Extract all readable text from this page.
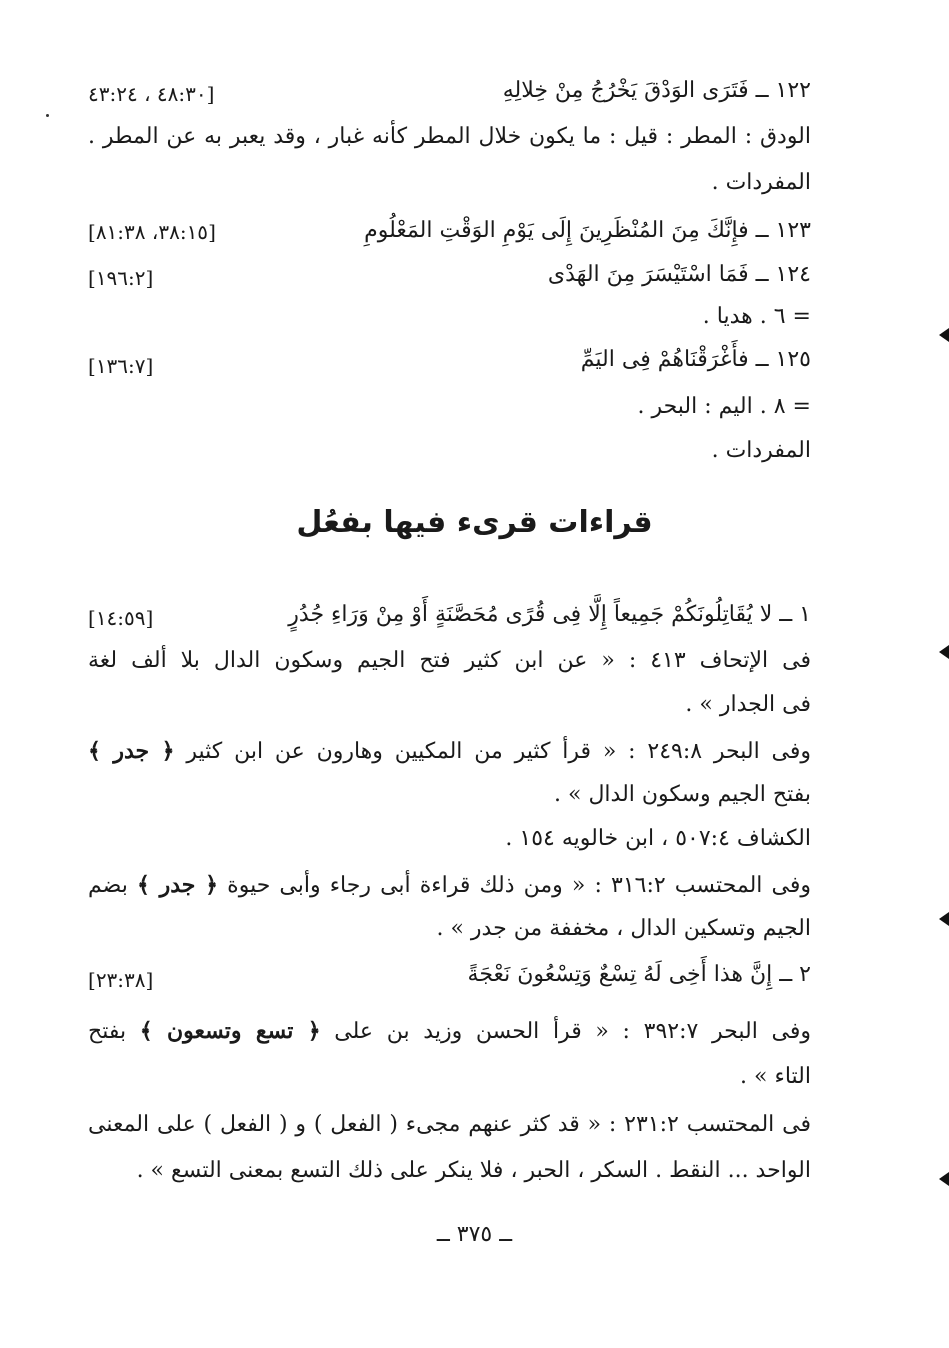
١٢٢ ــ فَتَرَى الوَدْقَ يَخْرُجُ مِنْ خِلالِهِ
[٤٨:٣٠ ، ٤٣:٢٤
الودق : المطر : قيل : ما يكون خلال المطر كأنه غبار ، وقد يعبر به عن المطر .
المفردات .
١٢٣ ــ فإِنَّكَ مِنَ المُنْظَرِينَ إِلَى يَوْمِ الوَقْتِ المَعْلُومِ
[٣٨:١٥، ٨١:٣٨]
١٢٤ ــ فَمَا اسْتَيْسَرَ مِنَ الهَدْى
[١٩٦:٢]
= ٦ . هديا .
١٢٥ ــ فأَغْرَقْنَاهُمْ فِى اليَمِّ
[١٣٦:٧]
= ٨ . اليم : البحر .
المفردات .
قراءات قرىء فيها بفعُل
١ ــ لا يُقَاتِلُونَكُمْ جَمِيعاً إِلَّا فِى قُرًى مُحَصَّنَةٍ أَوْ مِنْ وَرَاءِ جُدُرٍ
[١٤:٥٩]
فى الإتحاف ٤١٣ : « عن ابن كثير فتح الجيم وسكون الدال بلا ألف لغة
فى الجدار » .
وفى البحر ٢٤٩:٨ : « قرأ كثير من المكيين وهارون عن ابن كثير ﴿ جدر ﴾
بفتح الجيم وسكون الدال » .
الكشاف ٥٠٧:٤ ، ابن خالويه ١٥٤ .
وفى المحتسب ٣١٦:٢ : « ومن ذلك قراءة أبى رجاء وأبى حيوة ﴿ جدر ﴾ بضم
الجيم وتسكين الدال ، مخففة من جدر » .
٢ ــ إِنَّ هذا أَخِى لَهُ تِسْعٌ وَتِسْعُونَ نَعْجَةً
[٢٣:٣٨]
وفى البحر ٣٩٢:٧ : « قرأ الحسن وزيد بن على ﴿ تسع وتسعون ﴾ بفتح
التاء » .
فى المحتسب ٢٣١:٢ : « قد كثر عنهم مجىء ( الفعل ) و ( الفعل ) على المعنى
الواحد ... النقط . السكر ، الحبر ، فلا ينكر على ذلك التسع بمعنى التسع » .
ــ ٣٧٥ ــ
